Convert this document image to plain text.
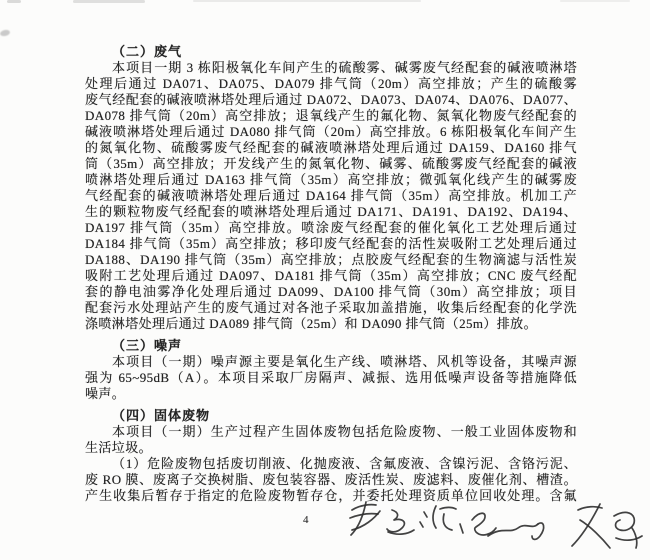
（二）废气
本项目一期 3 栋阳极氧化车间产生的硫酸雾、碱雾废气经配套的碱液喷淋塔
处理后通过 DA071、DA075、DA079 排气筒（20m）高空排放；产生的硫酸雾
废气经配套的碱液喷淋塔处理后通过 DA072、DA073、DA074、DA076、DA077、
DA078 排气筒（20m）高空排放；退氧线产生的氟化物、氮氧化物废气经配套的
碱液喷淋塔处理后通过 DA080 排气筒（20m）高空排放。6 栋阳极氧化车间产生
的氮氧化物、硫酸雾废气经配套的碱液喷淋塔处理后通过 DA159、DA160 排气
筒（35m）高空排放；开发线产生的氮氧化物、碱雾、硫酸雾废气经配套的碱液
喷淋塔处理后通过 DA163 排气筒（35m）高空排放；微弧氧化线产生的碱雾废
气经配套的碱液喷淋塔处理后通过 DA164 排气筒（35m）高空排放。机加工产
生的颗粒物废气经配套的喷淋塔处理后通过 DA171、DA191、DA192、DA194、
DA197 排气筒（35m）高空排放。喷涂废气经配套的催化氧化工艺处理后通过
DA184 排气筒（35m）高空排放；移印废气经配套的活性炭吸附工艺处理后通过
DA188、DA190 排气筒（35m）高空排放；点胶废气经配套的生物滴滤与活性炭
吸附工艺处理后通过 DA097、DA181 排气筒（35m）高空排放；CNC 废气经配
套的静电油雾净化处理后通过 DA099、DA100 排气筒（30m）高空排放；项目
配套污水处理站产生的废气通过对各池子采取加盖措施，收集后经配套的化学洗
涤喷淋塔处理后通过 DA089 排气筒（25m）和 DA090 排气筒（25m）排放。
（三）噪声
本项目（一期）噪声源主要是氧化生产线、喷淋塔、风机等设备，其噪声源
强为 65~95dB（A）。本项目采取厂房隔声、减振、选用低噪声设备等措施降低
噪声。
（四）固体废物
本项目（一期）生产过程产生固体废物包括危险废物、一般工业固体废物和
生活垃圾。
（1）危险废物包括废切削液、化抛废液、含氟废液、含镍污泥、含铬污泥、
废 RO 膜、废离子交换树脂、废包装容器、废活性炭、废滤料、废催化剂、槽渣。
产生收集后暂存于指定的危险废物暂存仓，并委托处理资质单位回收处理。含氟
4
